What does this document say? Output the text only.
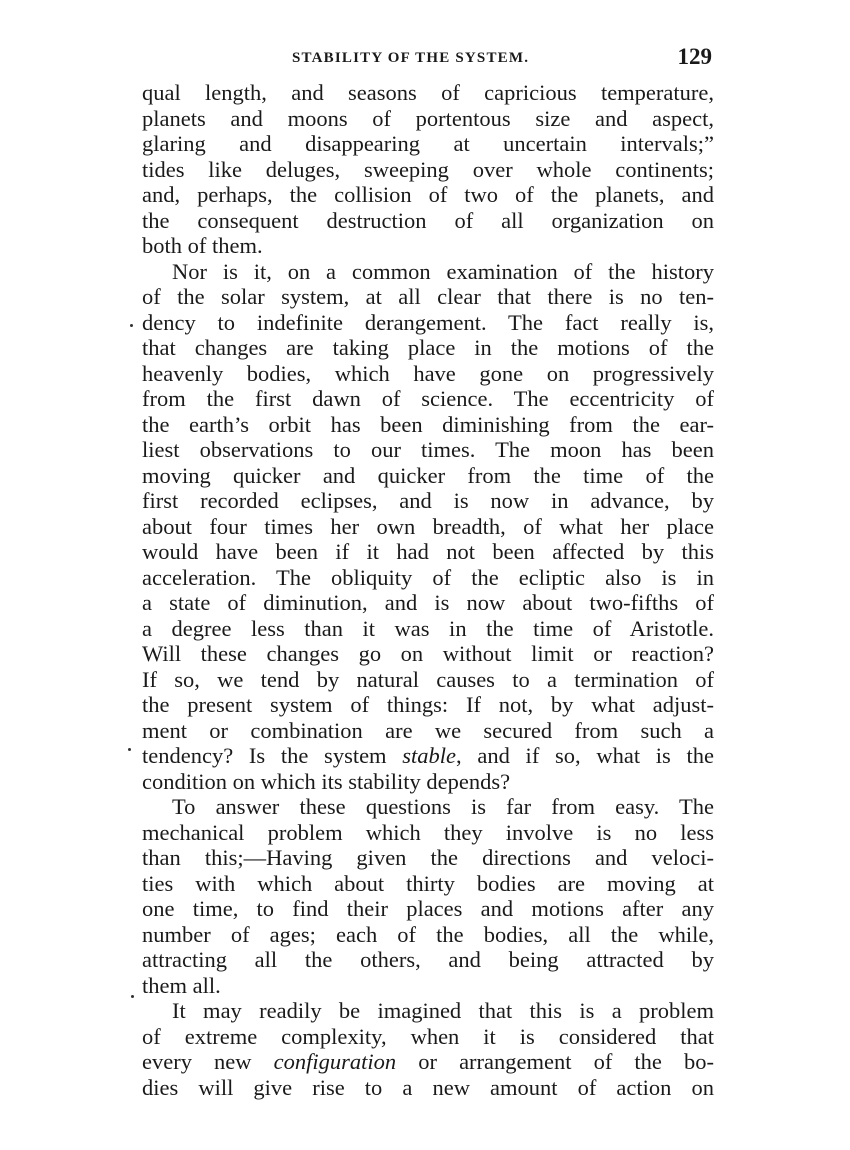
STABILITY OF THE SYSTEM.	129
qual length, and seasons of capricious temperature,
planets and moons of portentous size and aspect,
glaring and disappearing at uncertain intervals;”
tides like deluges, sweeping over whole continents;
and, perhaps, the collision of two of the planets, and
the consequent destruction of all organization on
both of them.
Nor is it, on a common examination of the history
of the solar system, at all clear that there is no ten-
dency to indefinite derangement. The fact really is,
that changes are taking place in the motions of the
heavenly bodies, which have gone on progressively
from the first dawn of science. The eccentricity of
the earth’s orbit has been diminishing from the ear-
liest observations to our times. The moon has been
moving quicker and quicker from the time of the
first recorded eclipses, and is now in advance, by
about four times her own breadth, of what her place
would have been if it had not been affected by this
acceleration. The obliquity of the ecliptic also is in
a state of diminution, and is now about two-fifths of
a degree less than it was in the time of Aristotle.
Will these changes go on without limit or reaction?
If so, we tend by natural causes to a termination of
the present system of things: If not, by what adjust-
ment or combination are we secured from such a
tendency? Is the system stable, and if so, what is the
condition on which its stability depends?
To answer these questions is far from easy. The
mechanical problem which they involve is no less
than this;—Having given the directions and veloci-
ties with which about thirty bodies are moving at
one time, to find their places and motions after any
number of ages; each of the bodies, all the while,
attracting all the others, and being attracted by
them all.
It may readily be imagined that this is a problem
of extreme complexity, when it is considered that
every new configuration or arrangement of the bo-
dies will give rise to a new amount of action on
